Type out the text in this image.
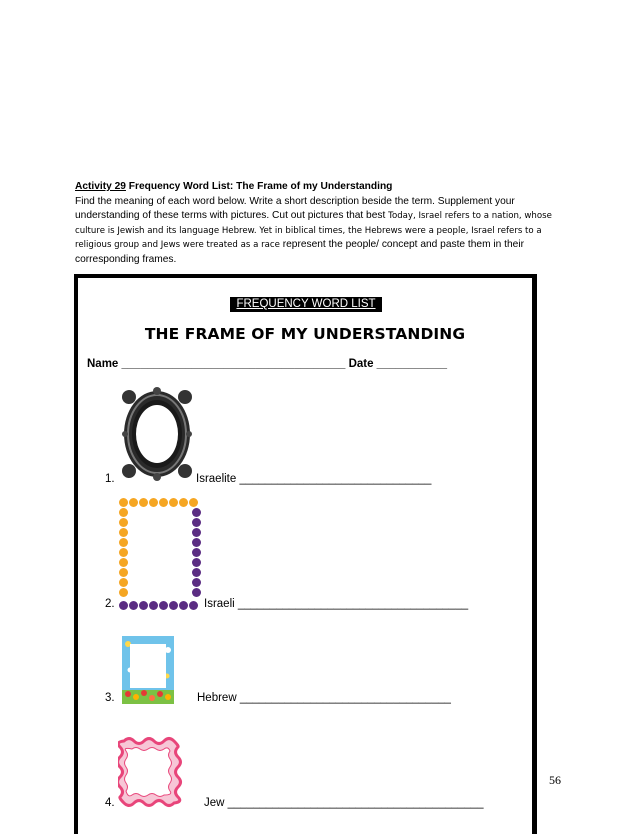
Activity 29 Frequency Word List: The Frame of my Understanding
Find the meaning of each word below. Write a short description beside the term. Supplement your understanding of these terms with pictures. Cut out pictures that best Today, Israel refers to a nation, whose culture is Jewish and its language Hebrew. Yet in biblical times, the Hebrews were a people, Israel refers to a religious group and Jews were treated as a race represent the people/ concept and paste them in their corresponding frames.
FREQUENCY WORD LIST
THE FRAME OF MY UNDERSTANDING
Name ___________________________________ Date ___________
1.	Israelite ______________________________
2.	Israeli ____________________________________
3.	Hebrew _________________________________
4.	Jew ________________________________________
56
